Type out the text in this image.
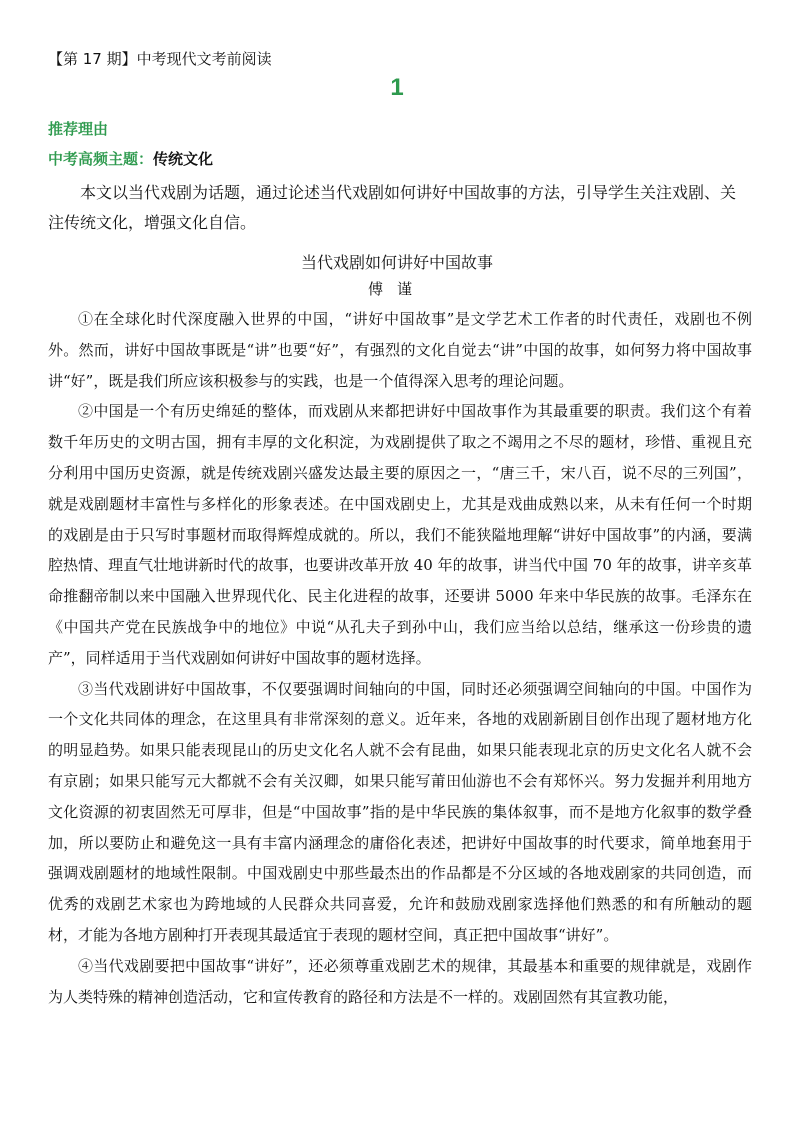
【第 17 期】中考现代文考前阅读
1
推荐理由
中考高频主题：传统文化
本文以当代戏剧为话题，通过论述当代戏剧如何讲好中国故事的方法，引导学生关注戏剧、关注传统文化，增强文化自信。
当代戏剧如何讲好中国故事
傅谨

①在全球化时代深度融入世界的中国，“讲好中国故事”是文学艺术工作者的时代责任，戏剧也不例外。然而，讲好中国故事既是“讲”也要“好”，有强烈的文化自觉去“讲”中国的故事，如何努力将中国故事讲“好”，既是我们所应该积极参与的实践，也是一个值得深入思考的理论问题。

②中国是一个有历史绵延的整体，而戏剧从来都把讲好中国故事作为其最重要的职责。我们这个有着数千年历史的文明古国，拥有丰厚的文化积淀，为戏剧提供了取之不竭用之不尽的题材，珍惜、重视且充分利用中国历史资源，就是传统戏剧兴盛发达最主要的原因之一，“唐三千，宋八百，说不尽的三列国”，就是戏剧题材丰富性与多样化的形象表述。在中国戏剧史上，尤其是戏曲成熟以来，从未有任何一个时期的戏剧是由于只写时事题材而取得辉煌成就的。所以，我们不能狭隘地理解“讲好中国故事”的内涵，要满腔热情、理直气壮地讲新时代的故事，也要讲改革开放 40 年的故事，讲当代中国 70 年的故事，讲辛亥革命推翻帝制以来中国融入世界现代化、民主化进程的故事，还要讲 5000 年来中华民族的故事。毛泽东在《中国共产党在民族战争中的地位》中说“从孔夫子到孙中山，我们应当给以总结，继承这一份珍贵的遗产”，同样适用于当代戏剧如何讲好中国故事的题材选择。

③当代戏剧讲好中国故事，不仅要强调时间轴向的中国，同时还必须强调空间轴向的中国。中国作为一个文化共同体的理念，在这里具有非常深刻的意义。近年来，各地的戏剧新剧目创作出现了题材地方化的明显趋势。如果只能表现昆山的历史文化名人就不会有昆曲，如果只能表现北京的历史文化名人就不会有京剧；如果只能写元大都就不会有关汉卿，如果只能写莆田仙游也不会有郑怀兴。努力发掘并利用地方文化资源的初衷固然无可厚非，但是“中国故事”指的是中华民族的集体叙事，而不是地方化叙事的数学叠加，所以要防止和避免这一具有丰富内涵理念的庸俗化表述，把讲好中国故事的时代要求，简单地套用于强调戏剧题材的地域性限制。中国戏剧史中那些最杰出的作品都是不分区域的各地戏剧家的共同创造，而优秀的戏剧艺术家也为跨地域的人民群众共同喜爱，允许和鼓励戏剧家选择他们熟悉的和有所触动的题材，才能为各地方剧种打开表现其最适宜于表现的题材空间，真正把中国故事“讲好”。

④当代戏剧要把中国故事“讲好”，还必须尊重戏剧艺术的规律，其最基本和重要的规律就是，戏剧作为人类特殊的精神创造活动，它和宣传教育的路径和方法是不一样的。戏剧固然有其宣教功能，
